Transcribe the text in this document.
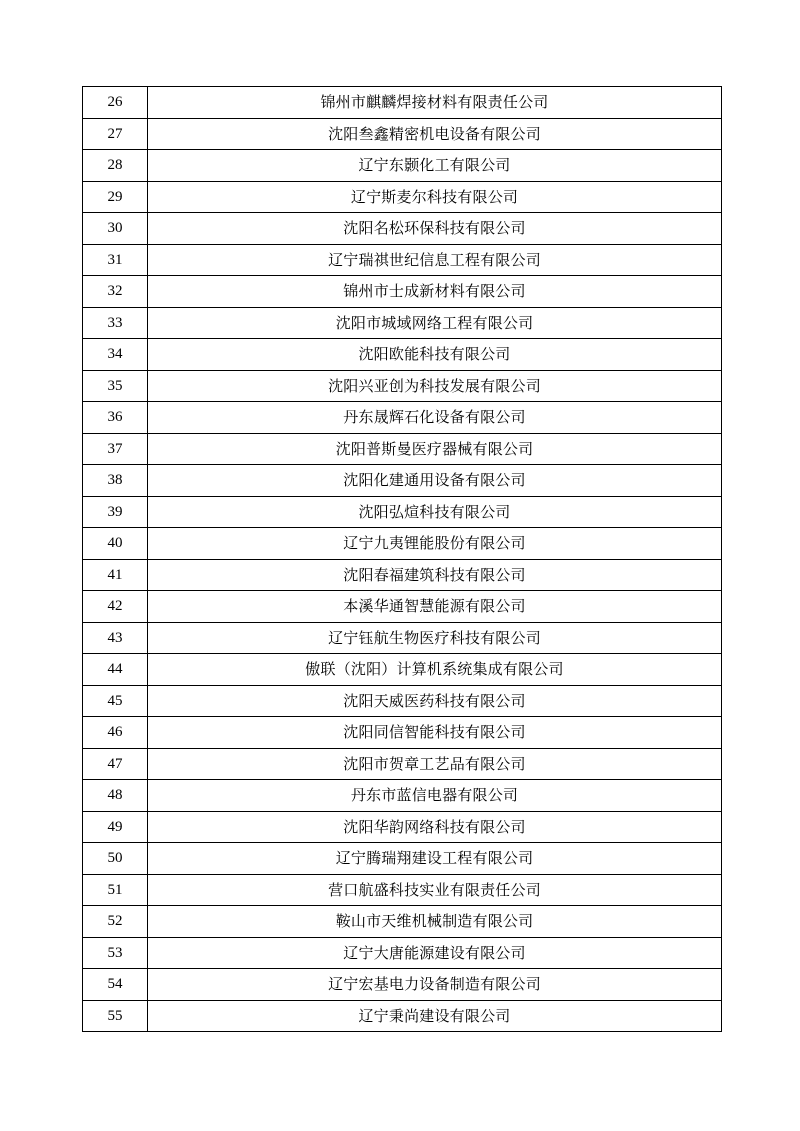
26	锦州市麒麟焊接材料有限责任公司
27	沈阳叁鑫精密机电设备有限公司
28	辽宁东颢化工有限公司
29	辽宁斯麦尔科技有限公司
30	沈阳名松环保科技有限公司
31	辽宁瑞祺世纪信息工程有限公司
32	锦州市士成新材料有限公司
33	沈阳市城域网络工程有限公司
34	沈阳欧能科技有限公司
35	沈阳兴亚创为科技发展有限公司
36	丹东晟辉石化设备有限公司
37	沈阳普斯曼医疗器械有限公司
38	沈阳化建通用设备有限公司
39	沈阳弘煊科技有限公司
40	辽宁九夷锂能股份有限公司
41	沈阳春福建筑科技有限公司
42	本溪华通智慧能源有限公司
43	辽宁钰航生物医疗科技有限公司
44	傲联（沈阳）计算机系统集成有限公司
45	沈阳天威医药科技有限公司
46	沈阳同信智能科技有限公司
47	沈阳市贺章工艺品有限公司
48	丹东市蓝信电器有限公司
49	沈阳华韵网络科技有限公司
50	辽宁腾瑞翔建设工程有限公司
51	营口航盛科技实业有限责任公司
52	鞍山市天维机械制造有限公司
53	辽宁大唐能源建设有限公司
54	辽宁宏基电力设备制造有限公司
55	辽宁秉尚建设有限公司
